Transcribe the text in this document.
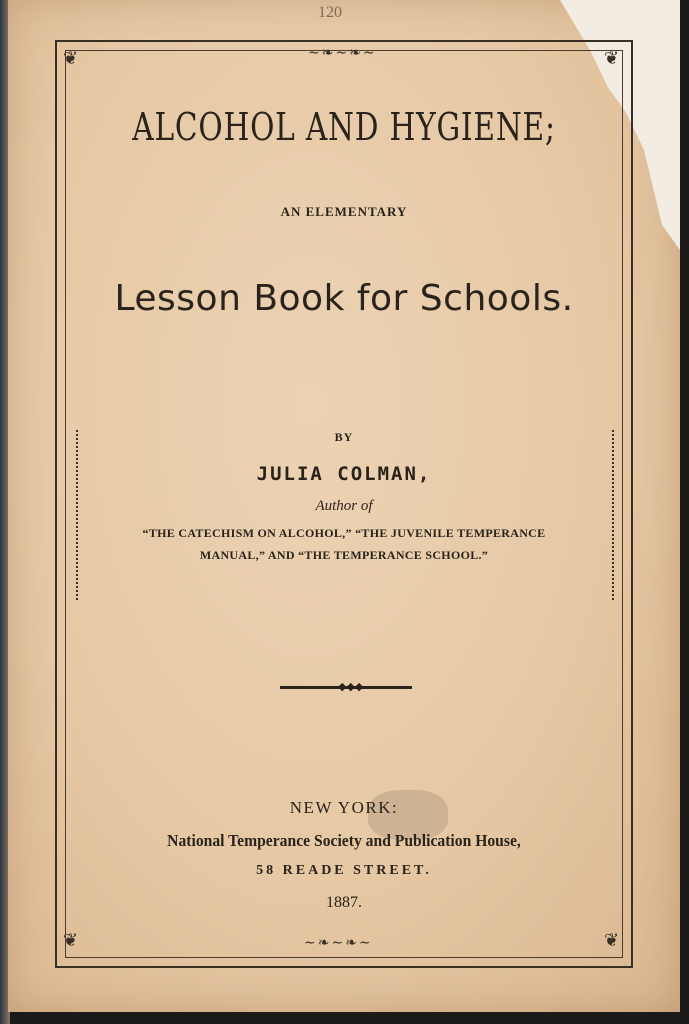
120
❦	❦
❦	❦
∼❧∼❧∼
∼❧∼❧∼
ALCOHOL AND HYGIENE;
AN ELEMENTARY
Lesson Book for Schools.
BY
JULIA COLMAN,
Author of
“THE CATECHISM ON ALCOHOL,” “THE JUVENILE TEMPERANCE
MANUAL,” AND “THE TEMPERANCE SCHOOL.”
◆◆◆
NEW YORK:
National Temperance Society and Publication House,
58 READE STREET.
1887.
